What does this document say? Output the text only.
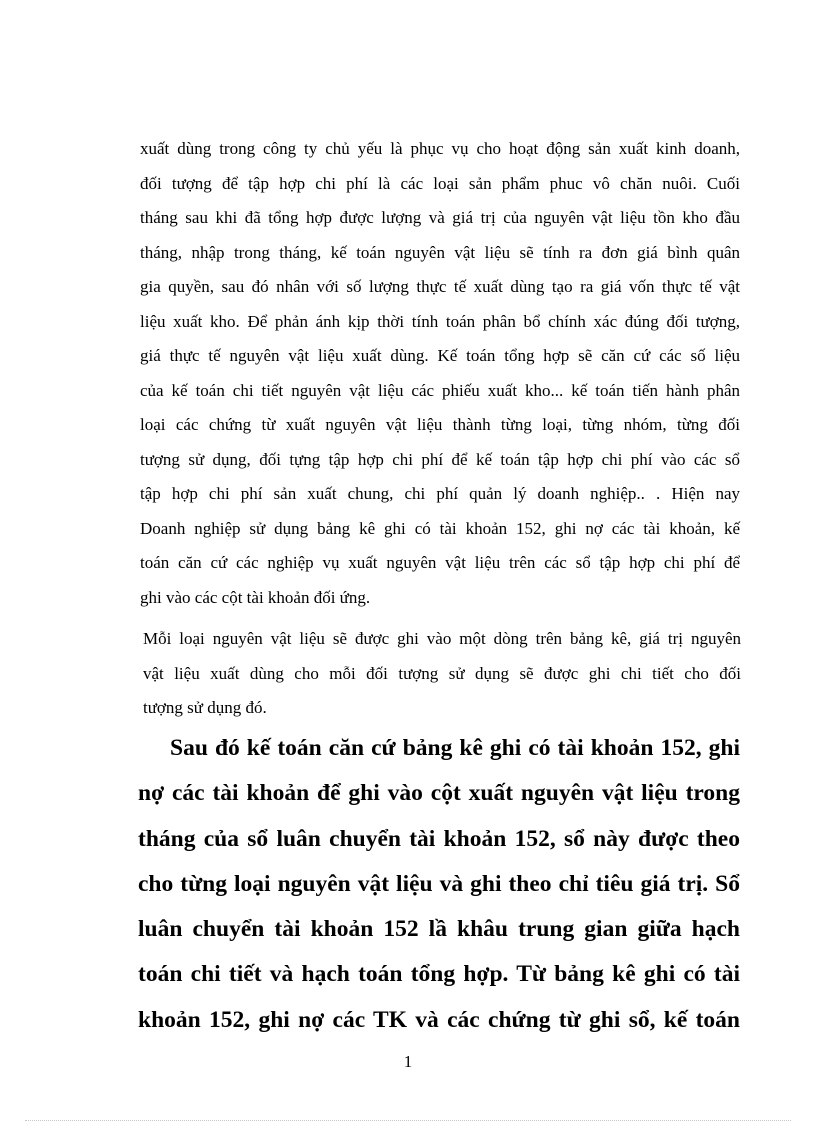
xuất dùng trong công ty chủ yếu là phục vụ cho hoạt động sản xuất kinh doanh,
đối tượng để tập hợp chi phí là các loại sản phẩm phuc vô chăn nuôi. Cuối
tháng sau khi đã tổng hợp được lượng và giá trị của nguyên vật liệu tồn kho đầu
tháng, nhập trong tháng, kế toán nguyên vật liệu sẽ tính ra đơn giá bình quân
gia quyền, sau đó nhân với số lượng thực tế xuất dùng tạo ra giá vốn thực tế vật
liệu xuất kho. Để phản ánh kịp thời tính toán phân bổ chính xác đúng đối tượng,
giá thực tế nguyên vật liệu xuất dùng. Kế toán tổng hợp sẽ căn cứ các số liệu
của kế toán chi tiết nguyên vật liệu các phiếu xuất kho... kế toán tiến hành phân
loại các chứng từ xuất nguyên vật liệu thành từng loại, từng nhóm, từng đối
tượng sử dụng, đối tựng tập hợp chi phí để kế toán tập hợp chi phí vào các sổ
tập hợp chi phí sản xuất chung, chi phí quản lý doanh nghiệp.. . Hiện nay
Doanh nghiệp sử dụng bảng kê ghi có tài khoản 152, ghi nợ các tài khoản, kế
toán căn cứ các nghiệp vụ xuất nguyên vật liệu trên các sổ tập hợp chi phí để
ghi vào các cột tài khoản đối ứng.
Mỗi loại nguyên vật liệu sẽ được ghi vào một dòng trên bảng kê, giá trị nguyên
vật liệu xuất dùng cho mỗi đối tượng sử dụng sẽ được ghi chi tiết cho đối
tượng sử dụng đó.
Sau đó kế toán căn cứ bảng kê ghi có tài khoản 152, ghi
nợ các tài khoản để ghi vào cột xuất nguyên vật liệu trong
tháng của sổ luân chuyển tài khoản 152, sổ này được theo
cho từng loại nguyên vật liệu và ghi theo chỉ tiêu giá trị. Sổ
luân chuyển tài khoản 152 lầ khâu trung gian giữa hạch
toán chi tiết và hạch toán tổng hợp. Từ bảng kê ghi có tài
khoản 152, ghi nợ các TK và các chứng từ ghi sổ, kế toán
1
